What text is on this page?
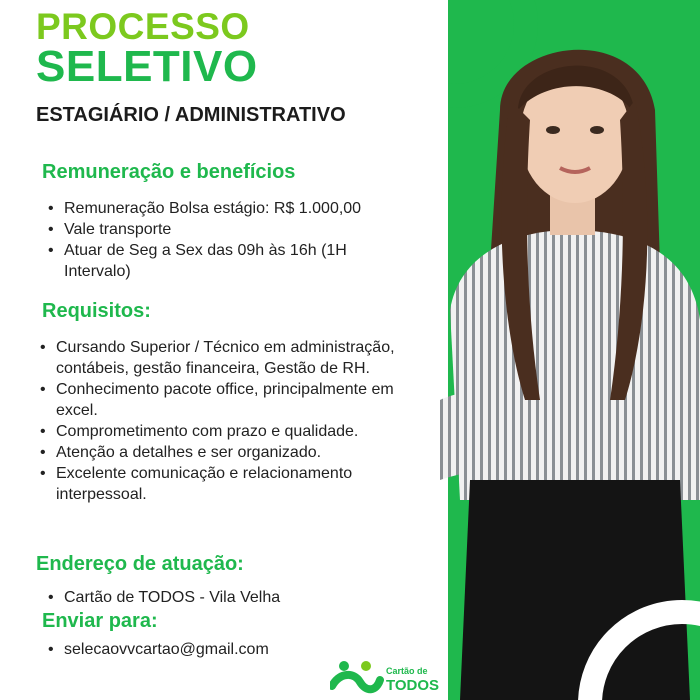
PROCESSO
SELETIVO
ESTAGIÁRIO / ADMINISTRATIVO
Remuneração e benefícios
• Remuneração Bolsa estágio: R$ 1.000,00
• Vale transporte
• Atuar de Seg a Sex das 09h às 16h (1H Intervalo)
Requisitos:
• Cursando Superior / Técnico em administração, contábeis, gestão financeira, Gestão de RH.
• Conhecimento pacote office, principalmente em excel.
• Comprometimento com prazo e qualidade.
• Atenção a detalhes e ser organizado.
• Excelente comunicação e relacionamento interpessoal.
Endereço de atuação:
• Cartão de TODOS - Vila Velha
Enviar para:
• selecaovvcartao@gmail.com
Cartão de
TODOS
